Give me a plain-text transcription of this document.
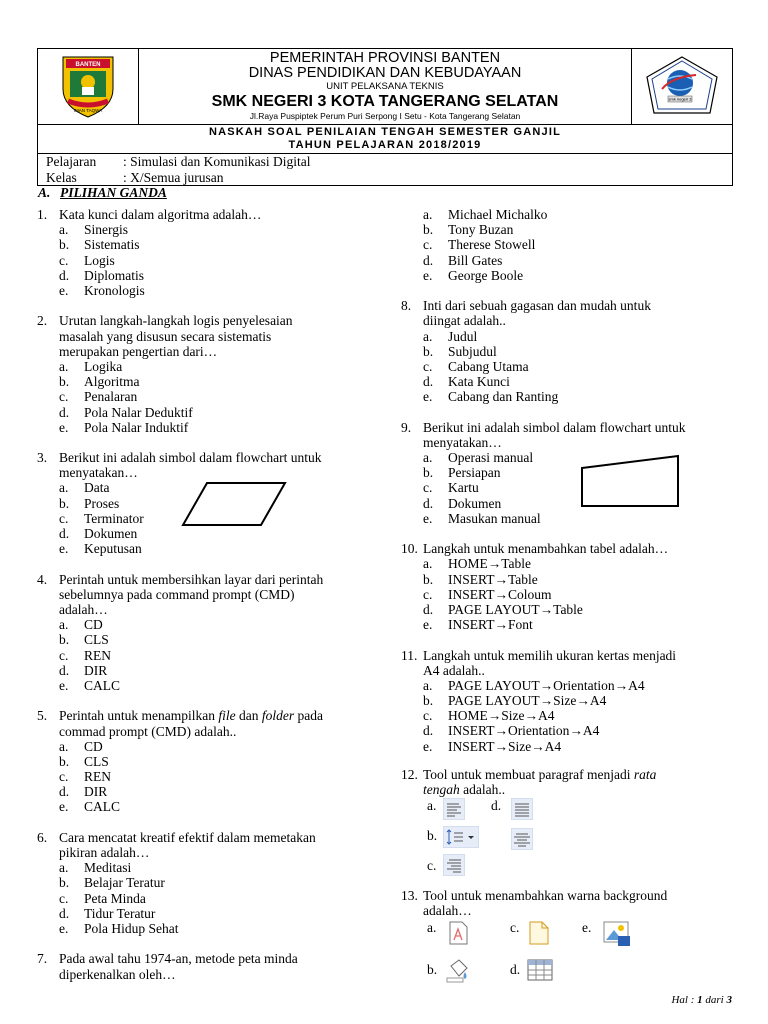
BANTEN
IMAN TAQWA
PEMERINTAH PROVINSI BANTEN
DINAS PENDIDIKAN DAN KEBUDAYAAN
UNIT PELAKSANA TEKNIS
SMK NEGERI 3 KOTA TANGERANG SELATAN
Jl.Raya Puspiptek Perum Puri Serpong I Setu - Kota Tangerang Selatan
smk negeri 3
NASKAH SOAL PENILAIAN TENGAH SEMESTER GANJIL
TAHUN PELAJARAN 2018/2019
Pelajaran : Simulasi dan Komunikasi Digital
Kelas	: X/Semua jurusan
A. PILIHAN GANDA
1. Kata kunci dalam algoritma adalah…
a. Sinergis
b. Sistematis
c. Logis
d. Diplomatis
e. Kronologis
2. Urutan langkah-langkah logis penyelesaian
masalah yang disusun secara sistematis
merupakan pengertian dari…
a. Logika
b. Algoritma
c. Penalaran
d. Pola Nalar Deduktif
e. Pola Nalar Induktif
3. Berikut ini adalah simbol dalam flowchart untuk
menyatakan…
a. Data
b. Proses
c. Terminator
d. Dokumen
e. Keputusan
4. Perintah untuk membersihkan layar dari perintah
sebelumnya pada command prompt (CMD)
adalah…
a. CD
b. CLS
c. REN
d. DIR
e. CALC
5. Perintah untuk menampilkan file dan folder pada
commad prompt (CMD) adalah..
a. CD
b. CLS
c. REN
d. DIR
e. CALC
6. Cara mencatat kreatif efektif dalam memetakan
pikiran adalah…
a. Meditasi
b. Belajar Teratur
c. Peta Minda
d. Tidur Teratur
e. Pola Hidup Sehat
7. Pada awal tahu 1974-an, metode peta minda
diperkenalkan oleh…
a. Michael Michalko
b. Tony Buzan
c. Therese Stowell
d. Bill Gates
e. George Boole
8. Inti dari sebuah gagasan dan mudah untuk
diingat adalah..
a. Judul
b. Subjudul
c. Cabang Utama
d. Kata Kunci
e. Cabang dan Ranting
9. Berikut ini adalah simbol dalam flowchart untuk
menyatakan…
a. Operasi manual
b. Persiapan
c. Kartu
d. Dokumen
e. Masukan manual
10. Langkah untuk menambahkan tabel adalah…
a. HOME→Table
b. INSERT→Table
c. INSERT→Coloum
d. PAGE LAYOUT→Table
e. INSERT→Font
11. Langkah untuk memilih ukuran kertas menjadi
A4 adalah..
a. PAGE LAYOUT→Orientation→A4
b. PAGE LAYOUT→Size→A4
c. HOME→Size→A4
d. INSERT→Orientation→A4
e. INSERT→Size→A4
12. Tool untuk membuat paragraf menjadi rata
tengah adalah..
a.	d.
b.
c.
13. Tool untuk menambahkan warna background
adalah…
a.	c.	e.
b.	d.
Hal : 1 dari 3
